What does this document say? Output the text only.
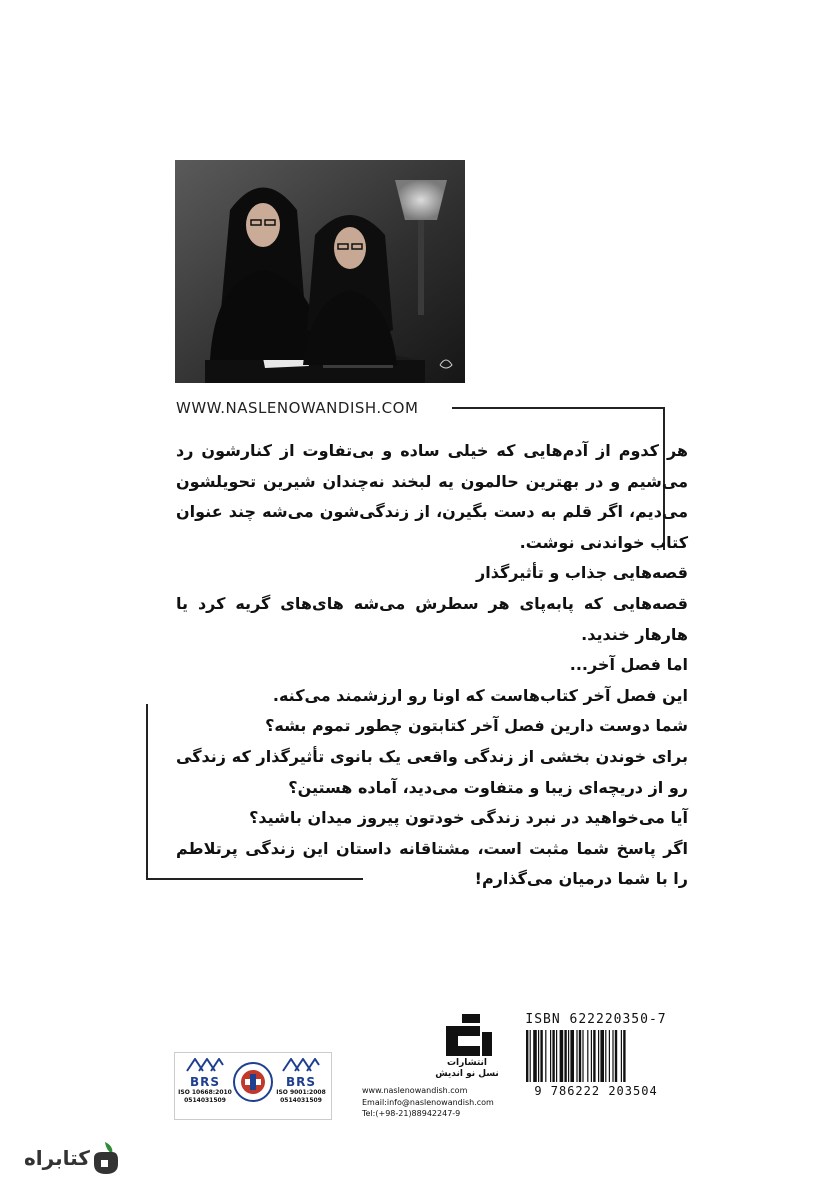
WWW.NASLENOWANDISH.COM

هر کدوم از آدم‌هایی که خیلی ساده و بی‌تفاوت از کنارشون رد می‌شیم و در بهترین حالمون یه لبخند نه‌چندان شیرین تحویلشون می‌دیم، اگر قلم به دست بگیرن، از زندگی‌شون می‌شه چند عنوان کتاب خواندنی نوشت.

قصه‌هایی جذاب و تأثیرگذار

قصه‌هایی که پابه‌پای هر سطرش می‌شه های‌های گریه کرد یا هارهار خندید.

اما فصل آخر...

این فصل آخر کتاب‌هاست که اونا رو ارزشمند می‌کنه.

شما دوست دارین فصل آخر کتابتون چطور تموم بشه؟

برای خوندن بخشی از زندگی واقعی یک بانوی تأثیرگذار که زندگی رو از دریچه‌ای زیبا و متفاوت می‌دید، آماده هستین؟

آیا می‌خواهید در نبرد زندگی خودتون پیروز میدان باشید؟

اگر پاسخ شما مثبت است، مشتاقانه داستان این زندگی پرتلاطم را با شما درمیان می‌گذارم!

ISBN 622220350-7
9 786222 203504
انتشارات
نسل نو اندیش
www.naslenowandish.com
Email:info@naslenowandish.com
Tel:(+98-21)88942247-9
BRS
ISO 10668:2010
0514031509
BRS
ISO 9001:2008
0514031509
کتابراه
